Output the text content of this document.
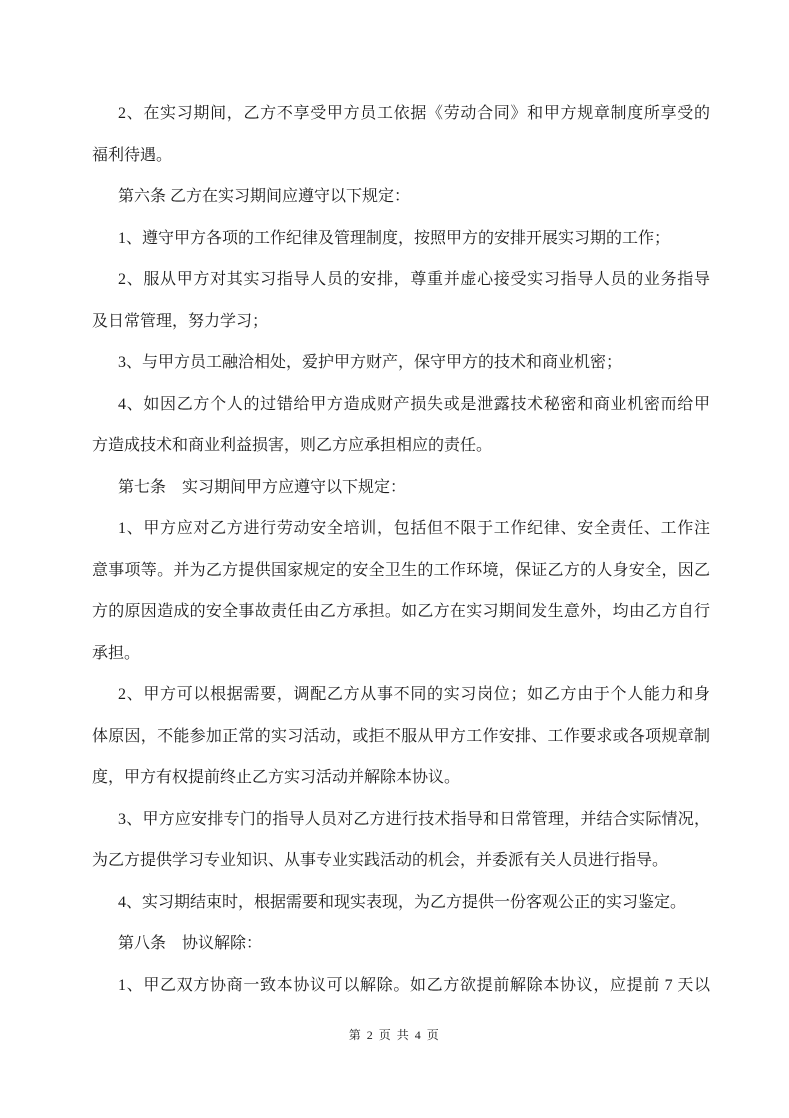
2、在实习期间，乙方不享受甲方员工依据《劳动合同》和甲方规章制度所享受的
福利待遇。
第六条 乙方在实习期间应遵守以下规定：
1、遵守甲方各项的工作纪律及管理制度，按照甲方的安排开展实习期的工作；
2、服从甲方对其实习指导人员的安排，尊重并虚心接受实习指导人员的业务指导
及日常管理，努力学习；
3、与甲方员工融洽相处，爱护甲方财产，保守甲方的技术和商业机密；
4、如因乙方个人的过错给甲方造成财产损失或是泄露技术秘密和商业机密而给甲
方造成技术和商业利益损害，则乙方应承担相应的责任。
第七条　实习期间甲方应遵守以下规定：
1、甲方应对乙方进行劳动安全培训，包括但不限于工作纪律、安全责任、工作注
意事项等。并为乙方提供国家规定的安全卫生的工作环境，保证乙方的人身安全，因乙
方的原因造成的安全事故责任由乙方承担。如乙方在实习期间发生意外，均由乙方自行
承担。
2、甲方可以根据需要，调配乙方从事不同的实习岗位；如乙方由于个人能力和身
体原因，不能参加正常的实习活动，或拒不服从甲方工作安排、工作要求或各项规章制
度，甲方有权提前终止乙方实习活动并解除本协议。
3、甲方应安排专门的指导人员对乙方进行技术指导和日常管理，并结合实际情况，
为乙方提供学习专业知识、从事专业实践活动的机会，并委派有关人员进行指导。
4、实习期结束时，根据需要和现实表现，为乙方提供一份客观公正的实习鉴定。
第八条　协议解除：
1、甲乙双方协商一致本协议可以解除。如乙方欲提前解除本协议，应提前 7 天以
第 2 页 共 4 页
